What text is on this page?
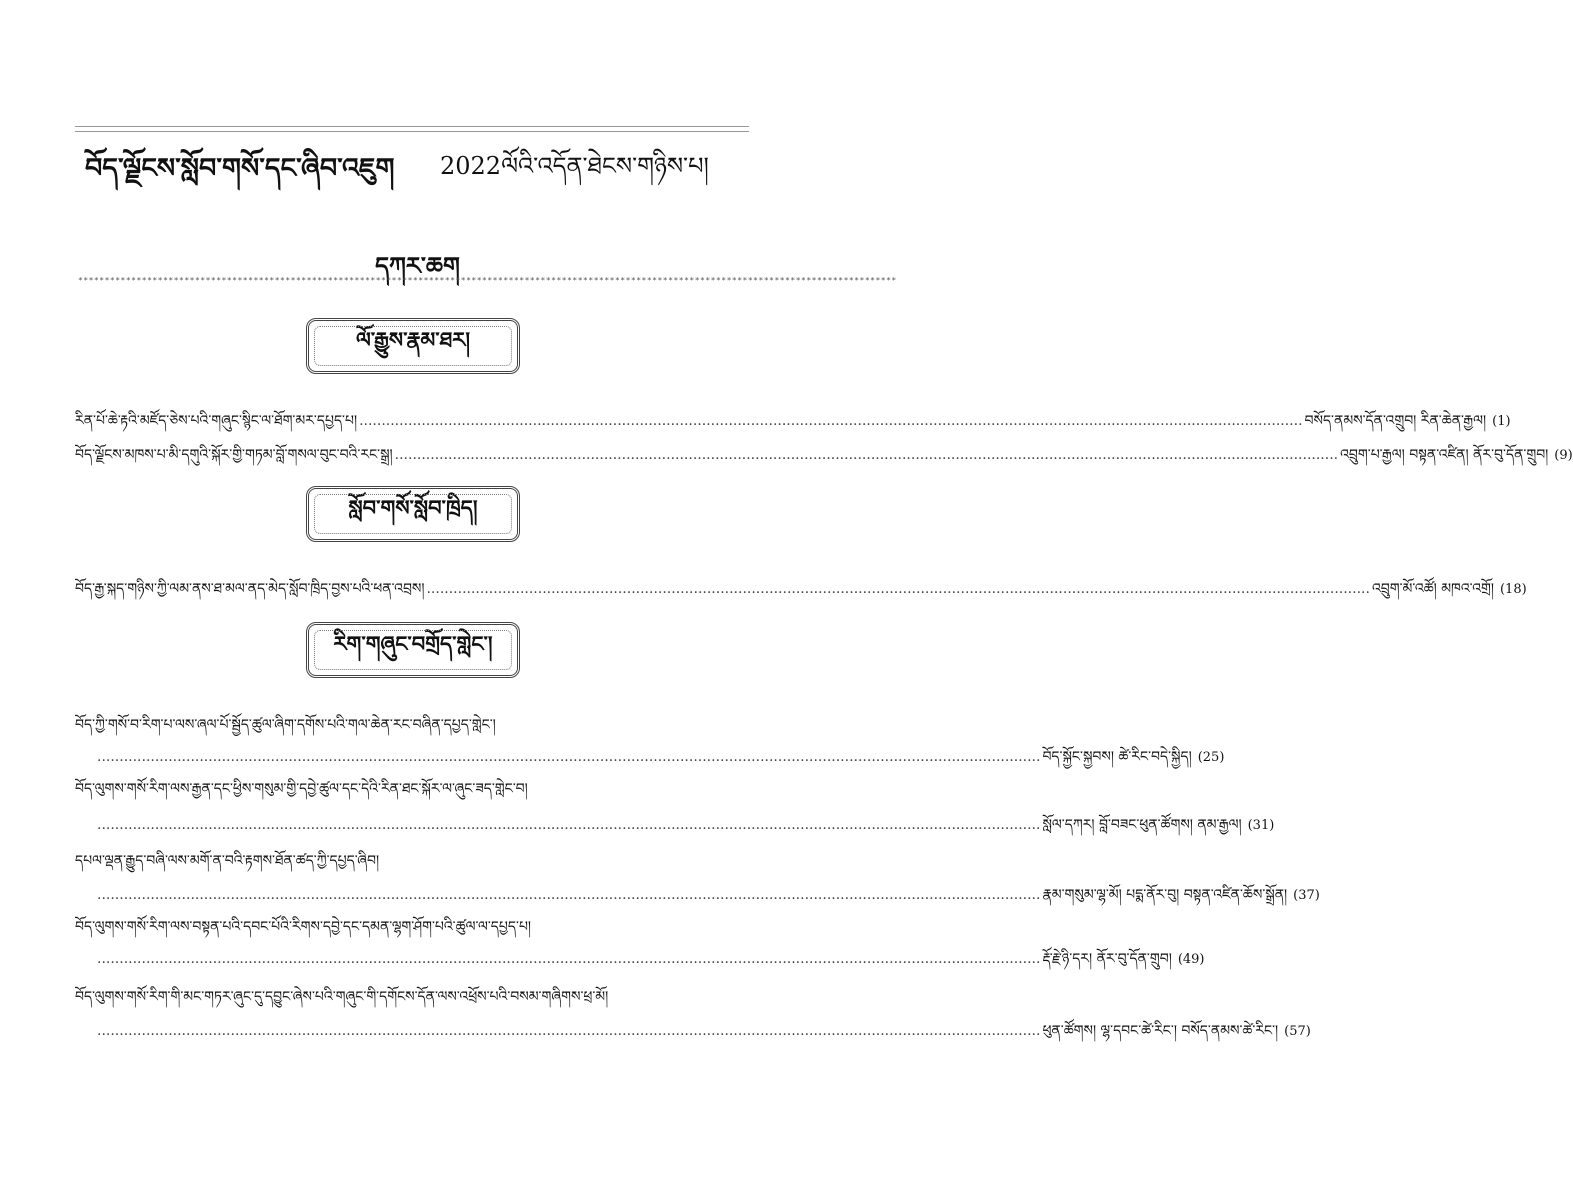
བོད་ལྗོངས་སློབ་གསོ་དང་ཞིབ་འཇུག 2022ལོའི་འདོན་ཐེངས་གཉིས་པ།
དཀར་ཆག
**********************************************************************************************************************************************************
ལོ་རྒྱུས་རྣམ་ཐར།
རིན་པོ་ཆེ་རྟའི་མཛོད་ཅེས་པའི་གཞུང་སྙིང་ལ་ཐོག་མར་དཔྱད་པ། .....	བསོད་ནམས་དོན་འགྲུབ། རིན་ཆེན་རྒྱལ། (1)
བོད་ལྗོངས་མཁས་པ་མི་དགུའི་སྐོར་གྱི་གཏམ་བློ་གསལ་བུང་བའི་རང་སྒྲ། .....	འབྲུག་པ་རྒྱལ། བསྟན་འཛིན། ནོར་བུ་དོན་གྲུབ། (9)
སློབ་གསོ་སློབ་ཁྲིད།
བོད་རྒྱ་སྐད་གཉིས་ཀྱི་ལམ་ནས་ཐ་མལ་ནད་མེད་སློབ་ཁྲིད་བྱས་པའི་ཕན་འབྲས། .....	འབྲུག་མོ་འཚོ། མཁའ་འགྲོ། (18)
རིག་གཞུང་བགྲོད་གླེང་།
བོད་ཀྱི་གསོ་བ་རིག་པ་ལས་ཞལ་པོ་སྦྱོད་ཚུལ་ཞིག་དགོས་པའི་གལ་ཆེན་རང་བཞིན་དཔྱད་གླེང་།
.....
བོད་སྐྱོང་སྐྱབས། ཚེ་རིང་བདེ་སྐྱིད། (25)
བོད་ལུགས་གསོ་རིག་ལས་རྒྱན་དང་ཕྱིས་གསུམ་གྱི་དབྱེ་ཚུལ་དང་དེའི་རིན་ཐང་སྐོར་ལ་ཞུང་ཟད་གླེང་བ།
.....
སློལ་དཀར། བློ་བཟང་ཕུན་ཚོགས། ནམ་རྒྱལ། (31)
དཔལ་ལྡན་རྒྱུད་བཞི་ལས་མགོ་ན་བའི་རྟགས་ཐོན་ཚད་ཀྱི་དཔྱད་ཞིབ།
.....
རྣམ་གསུམ་ལྷ་མོ། པདྨ་ནོར་བུ། བསྟན་འཛིན་ཆོས་སྒྲོན། (37)
བོད་ལུགས་གསོ་རིག་ལས་བསྟན་པའི་དབང་པོའི་རིགས་དབྱེ་དང་དམན་ལྷག་ཤོག་པའི་ཚུལ་ལ་དཔྱད་པ།
.....
རྡོ་རྗེ་ཉི་དར། ནོར་བུ་དོན་གྲུབ། (49)
བོད་ལུགས་གསོ་རིག་གི་མང་གཏར་ཞུང་དུ་དབྱུང་ཞེས་པའི་གཞུང་གི་དགོངས་དོན་ལས་འཕྲོས་པའི་བསམ་གཞིགས་ཕྲ་མོ།
.....
ཕུན་ཚོགས། ལྷ་དབང་ཚེ་རིང་། བསོད་ནམས་ཚེ་རིང་། (57)
